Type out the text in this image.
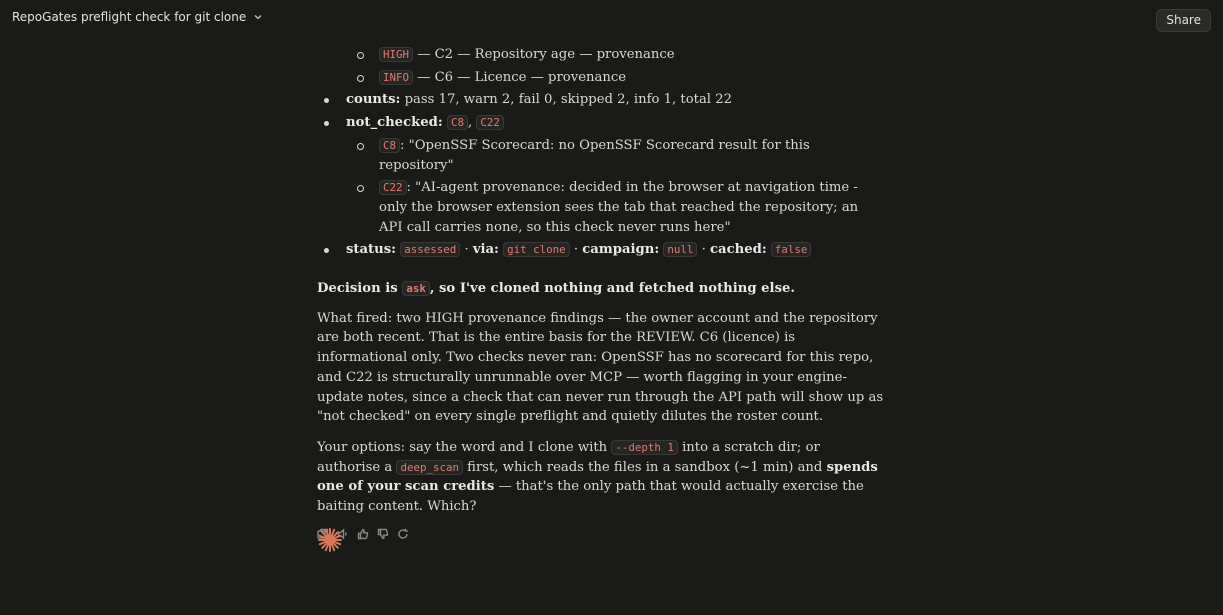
RepoGates preflight check for git clone	Share
HIGH — C2 — Repository age — provenance
INFO — C6 — Licence — provenance
counts: pass 17, warn 2, fail 0, skipped 2, info 1, total 22
not_checked: C8 , C22
C8 : "OpenSSF Scorecard: no OpenSSF Scorecard result for this repository"
C22 : "AI-agent provenance: decided in the browser at navigation time - only the browser extension sees the tab that reached the repository; an API call carries none, so this check never runs here"
status: assessed · via: git clone · campaign: null · cached: false

Decision is ask , so I've cloned nothing and fetched nothing else.

What fired: two HIGH provenance findings — the owner account and the repository are both recent. That is the entire basis for the REVIEW. C6 (licence) is informational only. Two checks never ran: OpenSSF has no scorecard for this repo, and C22 is structurally unrunnable over MCP — worth flagging in your engine-update notes, since a check that can never run through the API path will show up as "not checked" on every single preflight and quietly dilutes the roster count.

Your options: say the word and I clone with --depth 1 into a scratch dir; or authorise a deep_scan first, which reads the files in a sandbox (~1 min) and spends one of your scan credits — that's the only path that would actually exercise the baiting content. Which?
